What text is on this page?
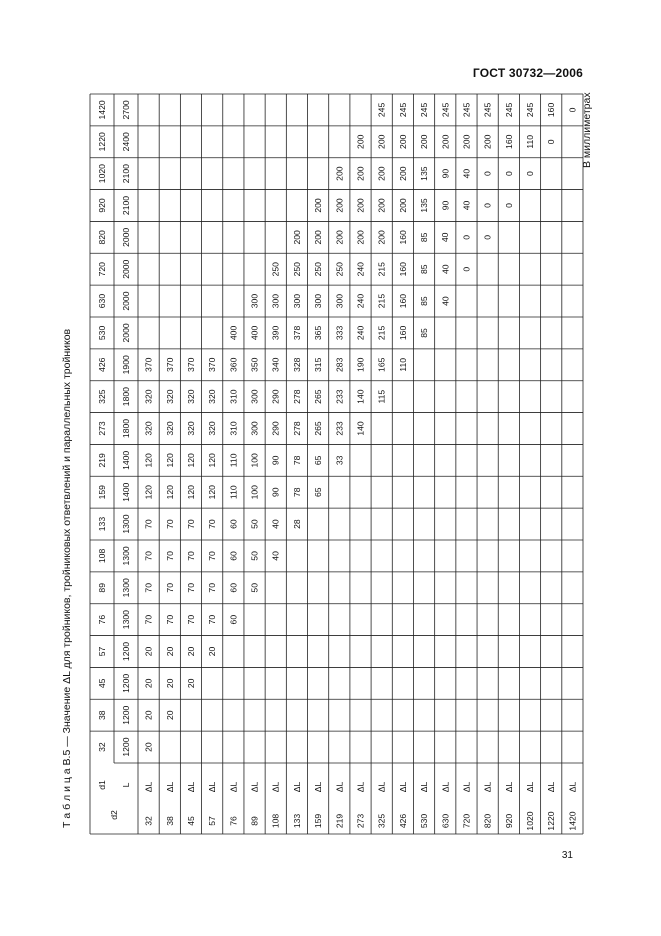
ГОСТ 30732—2006
Т а б л и ц а В.5 — Значение ΔL для тройников, тройниковых ответвлений и параллельных тройников
В миллиметрах
d1 L
d2
32 1200
38 1200
45 1200
57 1200
76 1300
89 1300
108 1300
133 1300
159 1400
219 1400
273 1800
325 1800
426 1900
530 2000
630 2000
720 2000
820 2000
920 2100
1020 2100
1220 2400
1420 2700
32
ΔL
20
20
20
20
70
70
70
70
120
120
320
320
370
38
ΔL
20
20
20
70
70
70
70
120
120
320
320
370
45
ΔL
20
20
70
70
70
70
120
120
320
320
370
57
ΔL
20
70
70
70
70
120
120
320
320
370
76
ΔL
60
60
60
60
110
110
310
310
360
400
89
ΔL
50
50
50
100
100
300
300
350
400
300
108
ΔL
40
40
90
90
290
290
340
390
300
250
133
ΔL
28
78
78
278
278
328
378
300
250
200
159
ΔL
65
65
265
265
315
365
300
250
200
200
219
ΔL
33
233
233
283
333
300
250
200
200
200
273
ΔL
140
140
190
240
240
240
200
200
200
200
325
ΔL
115
165
215
215
215
200
200
200
200
245
426
ΔL
110
160
160
160
160
200
200
200
245
530
ΔL
85
85
85
85
135
135
200
245
630
ΔL
40
40
40
90
90
200
245
720
ΔL
0
0
40
40
200
245
820
ΔL
0
0
0
200
245
920
ΔL
0
0
160
245
1020
ΔL
0
110
245
1220
ΔL
0
160
1420
ΔL
0
31
